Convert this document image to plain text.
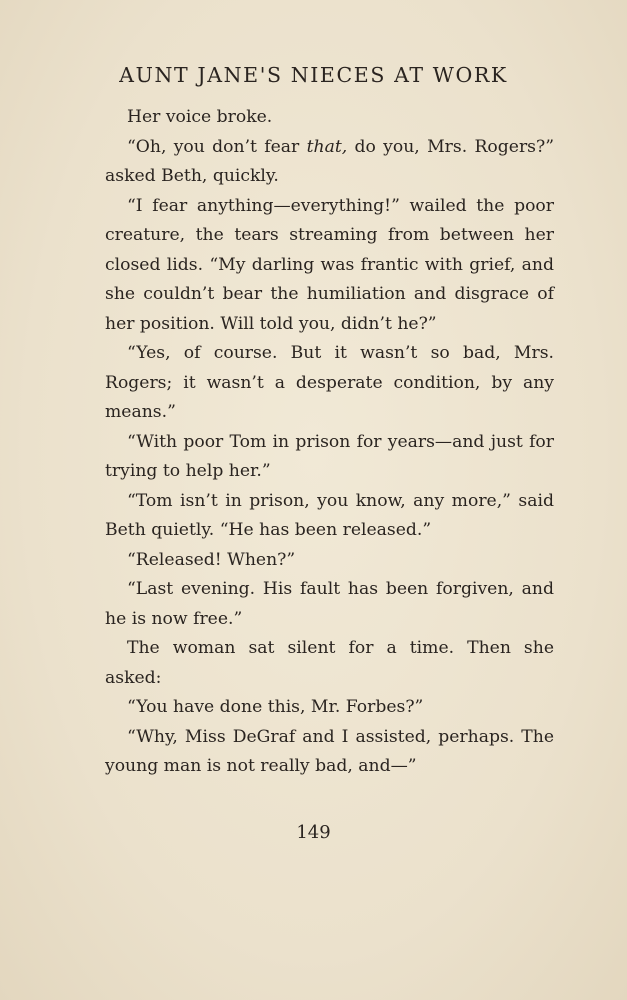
AUNT JANE'S NIECES AT WORK

Her voice broke.

“Oh, you don’t fear that, do you, Mrs. Rogers?” asked Beth, quickly.

“I fear anything—everything!” wailed the poor creature, the tears streaming from between her closed lids. “My darling was frantic with grief, and she couldn’t bear the humiliation and disgrace of her position. Will told you, didn’t he?”

“Yes, of course. But it wasn’t so bad, Mrs. Rogers; it wasn’t a desperate condition, by any means.”

“With poor Tom in prison for years—and just for trying to help her.”

“Tom isn’t in prison, you know, any more,” said Beth quietly. “He has been released.”

“Released! When?”

“Last evening. His fault has been forgiven, and he is now free.”

The woman sat silent for a time. Then she asked:

“You have done this, Mr. Forbes?”

“Why, Miss DeGraf and I assisted, perhaps. The young man is not really bad, and—”

149
